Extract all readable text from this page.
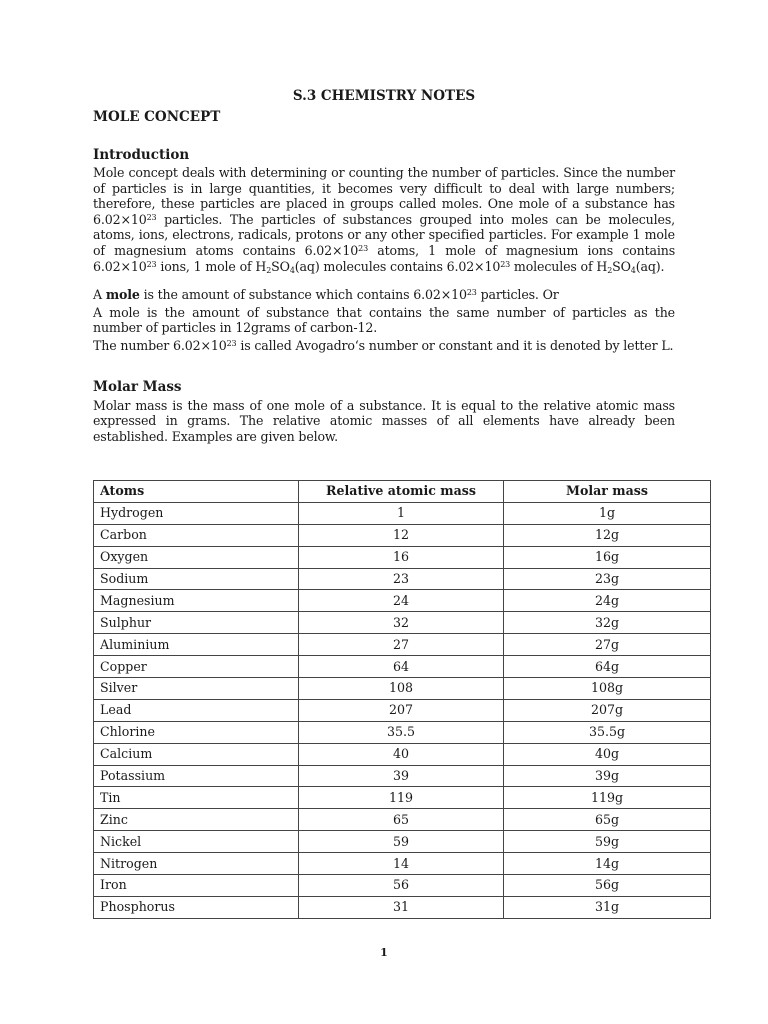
S.3 CHEMISTRY NOTES
MOLE CONCEPT
Introduction

Mole concept deals with determining or counting the number of particles. Since the number of particles is in large quantities, it becomes very difficult to deal with large numbers; therefore, these particles are placed in groups called moles. One mole of a substance has $6.02\times 10^{23}$ particles. The particles of substances grouped into moles can be molecules, atoms, ions, electrons, radicals, protons or any other specified particles. For example 1 mole of magnesium atoms contains $6.02\times 10^{23}$ atoms, 1 mole of magnesium ions contains $6.02\times 10^{23}$ ions, 1 mole of $H_2SO_4(aq)$ molecules contains $6.02\times 10^{23}$ molecules of $H_2SO_4(aq)$.

A mole is the amount of substance which contains $6.02\times 10^{23}$ particles. Or

A mole is the amount of substance that contains the same number of particles as the number of particles in 12grams of carbon-12.

The number $6.02\times 10^{23}$ is called Avogadro‘s number or constant and it is denoted by letter L.

Molar Mass

Molar mass is the mass of one mole of a substance. It is equal to the relative atomic mass expressed in grams. The relative atomic masses of all elements have already been established. Examples are given below.

Atoms	Relative atomic mass	Molar mass
Hydrogen	1	1g
Carbon	12	12g
Oxygen	16	16g
Sodium	23	23g
Magnesium	24	24g
Sulphur	32	32g
Aluminium	27	27g
Copper	64	64g
Silver	108	108g
Lead	207	207g
Chlorine	35.5	35.5g
Calcium	40	40g
Potassium	39	39g
Tin	119	119g
Zinc	65	65g
Nickel	59	59g
Nitrogen	14	14g
Iron	56	56g
Phosphorus	31	31g
1
